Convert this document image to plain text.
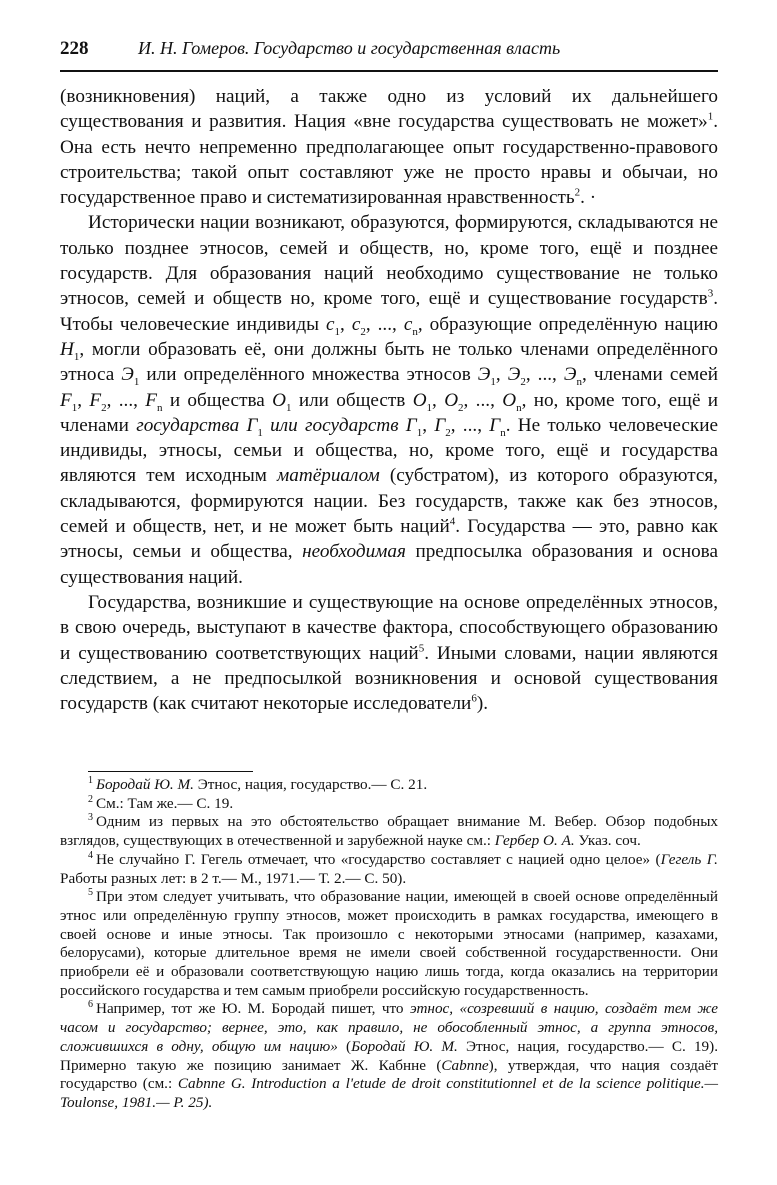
228	И. Н. Гомеров. Государство и государственная власть

(возникновения) наций, а также одно из условий их дальнейшего существования и развития. Нация «вне государства существовать не может»$^1$. Она есть нечто непременно предполагающее опыт государственно-правового строительства; такой опыт составляют уже не просто нравы и обычаи, но государственное право и систематизированная нравственность$^2$. ·

Исторически нации возникают, образуются, формируются, складываются не только позднее этносов, семей и обществ, но, кроме того, ещё и позднее государств. Для образования наций необходимо существование не только этносов, семей и обществ но, кроме того, ещё и существование государств$^3$. Чтобы человеческие индивиды $c_1$, $c_2$, ..., $c_n$, образующие определённую нацию $H_1$, могли образовать её, они должны быть не только членами определённого этноса $Э_1$ или определённого множества этносов $Э_1$, $Э_2$, ..., $Э_n$, членами семей $F_1$, $F_2$, ..., $F_n$ и общества $O_1$ или обществ $O_1$, $O_2$, ..., $O_n$, но, кроме того, ещё и членами государства $Г_1$ или государств $Г_1$, $Г_2$, ..., $Г_n$. Не только человеческие индивиды, этносы, семьи и общества, но, кроме того, ещё и государства являются тем исходным матёриалом (субстратом), из которого образуются, складываются, формируются нации. Без государств, также как без этносов, семей и обществ, нет, и не может быть наций$^4$. Государства — это, равно как этносы, семьи и общества, необходимая предпосылка образования и основа существования наций.

Государства, возникшие и существующие на основе определённых этносов, в свою очередь, выступают в качестве фактора, способствующего образованию и существованию соответствующих наций$^5$. Иными словами, нации являются следствием, а не предпосылкой возникновения и основой существования государств (как считают некоторые исследователи$^6$).

$^1$ Бородай Ю. М. Этнос, нация, государство.— С. 21.

$^2$ См.: Там же.— С. 19.

$^3$ Одним из первых на это обстоятельство обращает внимание М. Вебер. Обзор подобных взглядов, существующих в отечественной и зарубежной науке см.: Гербер О. А. Указ. соч.

$^4$ Не случайно Г. Гегель отмечает, что «государство составляет с нацией одно целое» (Гегель Г. Работы разных лет: в 2 т.— М., 1971.— Т. 2.— С. 50).

$^5$ При этом следует учитывать, что образование нации, имеющей в своей основе определённый этнос или определённую группу этносов, может происходить в рамках государства, имеющего в своей основе и иные этносы. Так произошло с некоторыми этносами (например, казахами, белорусами), которые длительное время не имели своей собственной государственности. Они приобрели её и образовали соответствующую нацию лишь тогда, когда оказались на территории российского государства и тем самым приобрели российскую государственность.

$^6$ Например, тот же Ю. М. Бородай пишет, что этнос, «созревший в нацию, создаёт тем же часом и государство; вернее, это, как правило, не обособленный этнос, а группа этносов, сложившихся в одну, общую им нацию» (Бородай Ю. М. Этнос, нация, государство.— С. 19). Примерно такую же позицию занимает Ж. Кабнне (Cabnne), утверждая, что нация создаёт государство (см.: Cabnne G. Introduction a l'etude de droit constitutionnel et de la science politique.— Toulonse, 1981.— P. 25).
